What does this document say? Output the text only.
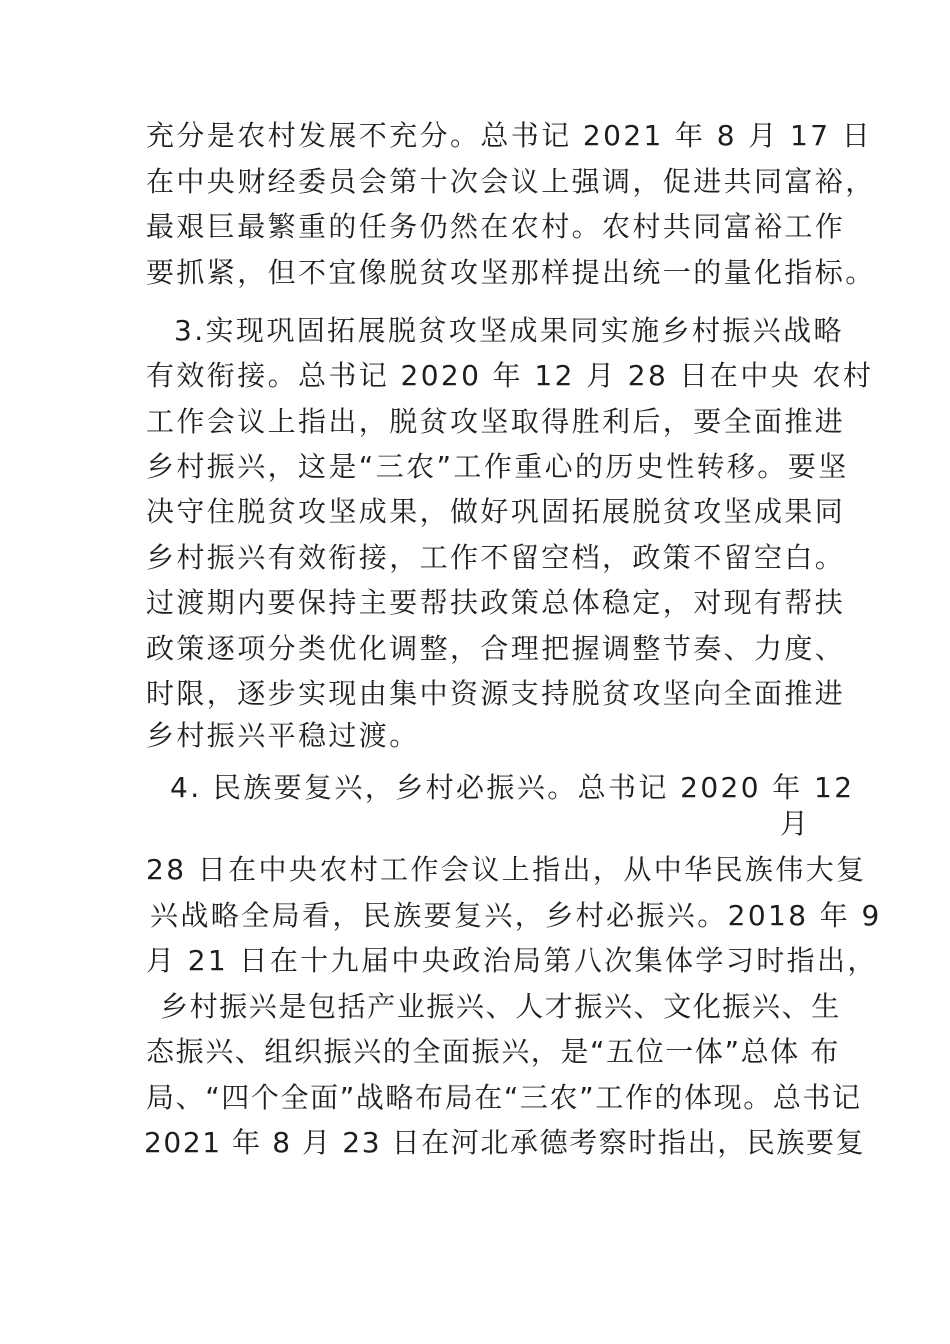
充分是农村发展不充分。总书记 2021 年 8 月 17 日
在中央财经委员会第十次会议上强调，促进共同富裕，
最艰巨最繁重的任务仍然在农村。农村共同富裕工作
要抓紧，但不宜像脱贫攻坚那样提出统一的量化指标。
3.实现巩固拓展脱贫攻坚成果同实施乡村振兴战略
有效衔接。总书记 2020 年 12 月 28 日在中央 农村
工作会议上指出，脱贫攻坚取得胜利后，要全面推进
乡村振兴，这是“三农”工作重心的历史性转移。要坚
决守住脱贫攻坚成果，做好巩固拓展脱贫攻坚成果同
乡村振兴有效衔接，工作不留空档，政策不留空白。
过渡期内要保持主要帮扶政策总体稳定，对现有帮扶
政策逐项分类优化调整，合理把握调整节奏、力度、
时限，逐步实现由集中资源支持脱贫攻坚向全面推进
乡村振兴平稳过渡。
4. 民族要复兴，乡村必振兴。总书记 2020 年 12
月
28 日在中央农村工作会议上指出，从中华民族伟大复
兴战略全局看，民族要复兴，乡村必振兴。2018 年 9
月 21 日在十九届中央政治局第八次集体学习时指出，
乡村振兴是包括产业振兴、人才振兴、文化振兴、生
态振兴、组织振兴的全面振兴，是“五位一体”总体 布
局、“四个全面”战略布局在“三农”工作的体现。总书记
2021 年 8 月 23 日在河北承德考察时指出，民族要复
